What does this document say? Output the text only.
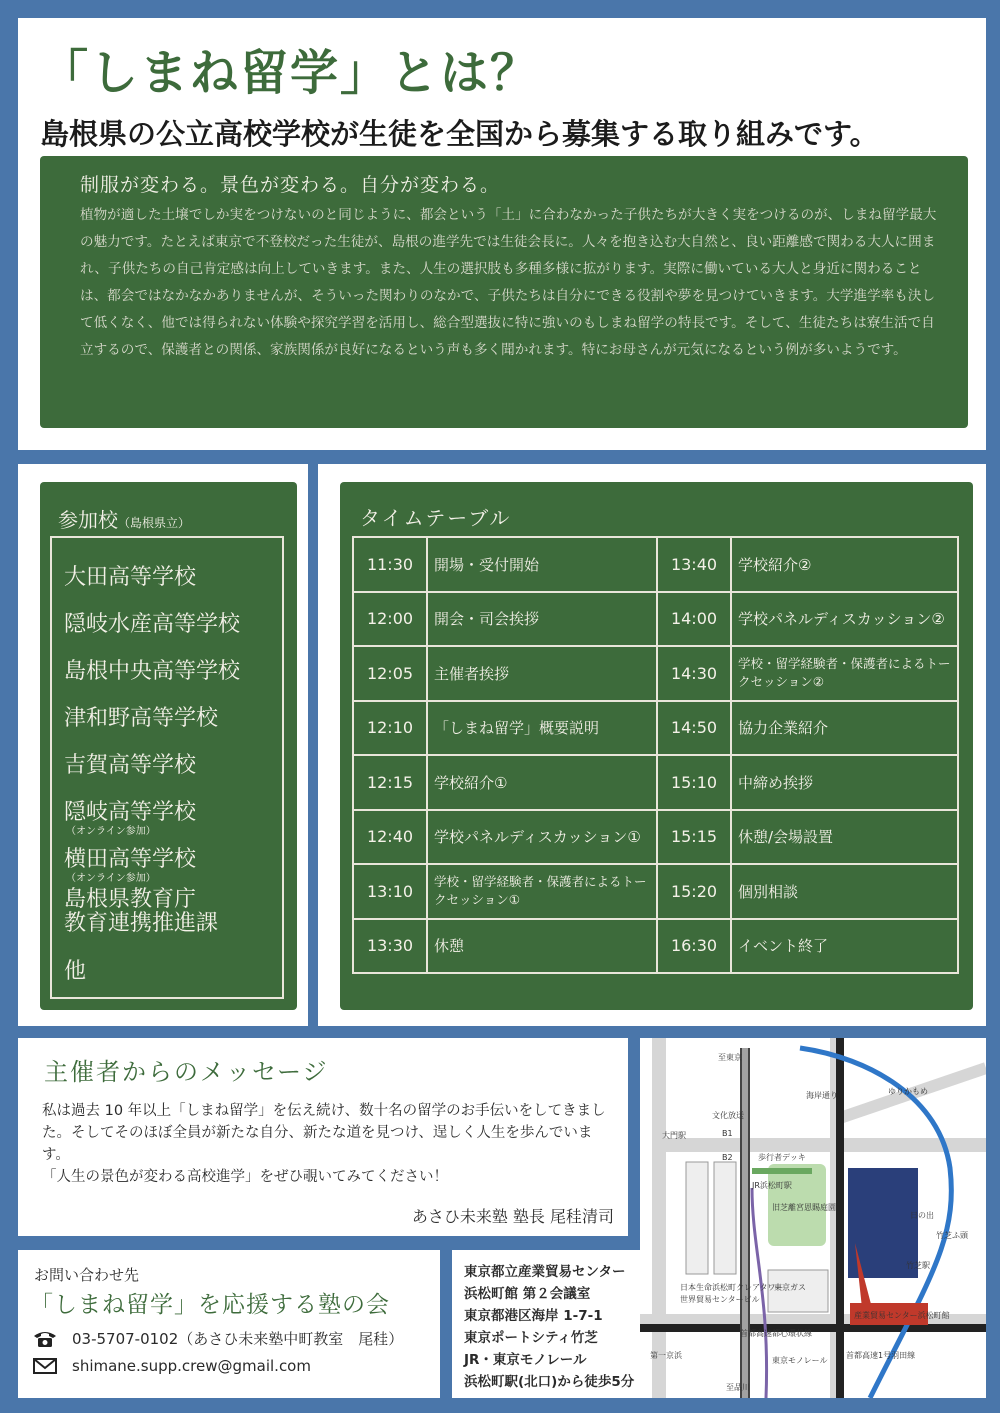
「しまね留学」とは？
島根県の公立高校学校が生徒を全国から募集する取り組みです。
制服が変わる。景色が変わる。自分が変わる。
植物が適した土壌でしか実をつけないのと同じように、都会という「土」に合わなかった子供たちが大きく実をつけるのが、しまね留学最大の魅力です。たとえば東京で不登校だった生徒が、島根の進学先では生徒会長に。人々を抱き込む大自然と、良い距離感で関わる大人に囲まれ、子供たちの自己肯定感は向上していきます。また、人生の選択肢も多種多様に拡がります。実際に働いている大人と身近に関わることは、都会ではなかなかありませんが、そういった関わりのなかで、子供たちは自分にできる役割や夢を見つけていきます。大学進学率も決して低くなく、他では得られない体験や探究学習を活用し、総合型選抜に特に強いのもしまね留学の特長です。そして、生徒たちは寮生活で自立するので、保護者との関係、家族関係が良好になるという声も多く聞かれます。特にお母さんが元気になるという例が多いようです。
参加校（島根県立）
大田高等学校
隠岐水産高等学校
島根中央高等学校
津和野高等学校
吉賀高等学校
隠岐高等学校
（オンライン参加）
横田高等学校
（オンライン参加）
島根県教育庁
教育連携推進課
他
タイムテーブル
11:30	開場・受付開始	13:40	学校紹介②
12:00	開会・司会挨拶	14:00	学校パネルディスカッション②
12:05	主催者挨拶	14:30	学校・留学経験者・保護者によるトークセッション②
12:10	「しまね留学」概要説明	14:50	協力企業紹介
12:15	学校紹介①	15:10	中締め挨拶
12:40	学校パネルディスカッション①	15:15	休憩/会場設置
13:10	学校・留学経験者・保護者によるトークセッション①	15:20	個別相談
13:30	休憩	16:30	イベント終了
主催者からのメッセージ
私は過去 10 年以上「しまね留学」を伝え続け、数十名の留学のお手伝いをしてきました。そしてそのほぼ全員が新たな自分、新たな道を見つけ、逞しく人生を歩んでいます。
「人生の景色が変わる高校進学」をぜひ覗いてみてください！
あさひ未来塾 塾長 尾䅅清司
お問い合わせ先
「しまね留学」を応援する塾の会
03-5707-0102（あさひ未来塾中町教室　尾䅅）
shimane.supp.crew@gmail.com
東京都立産業貿易センター
浜松町館 第２会議室
東京都港区海岸 1-7-1
東京ポートシティ竹芝
JR・東京モノレール
浜松町駅(北口)から徒歩5分
至東京
大門駅	B1
B2
文化放送
JR浜松町駅
歩行者デッキ
旧芝離宮恩賜庭園
日本生命浜松町クレアタワー
世界貿易センタービル
東京ガス
海岸通り
竹芝駅
ゆりかもめ
竹芝ふ頭
産業貿易センター浜松町館
首都高速都心環状線
首都高速1号羽田線
第一京浜
東京モノレール
至品川
日の出
